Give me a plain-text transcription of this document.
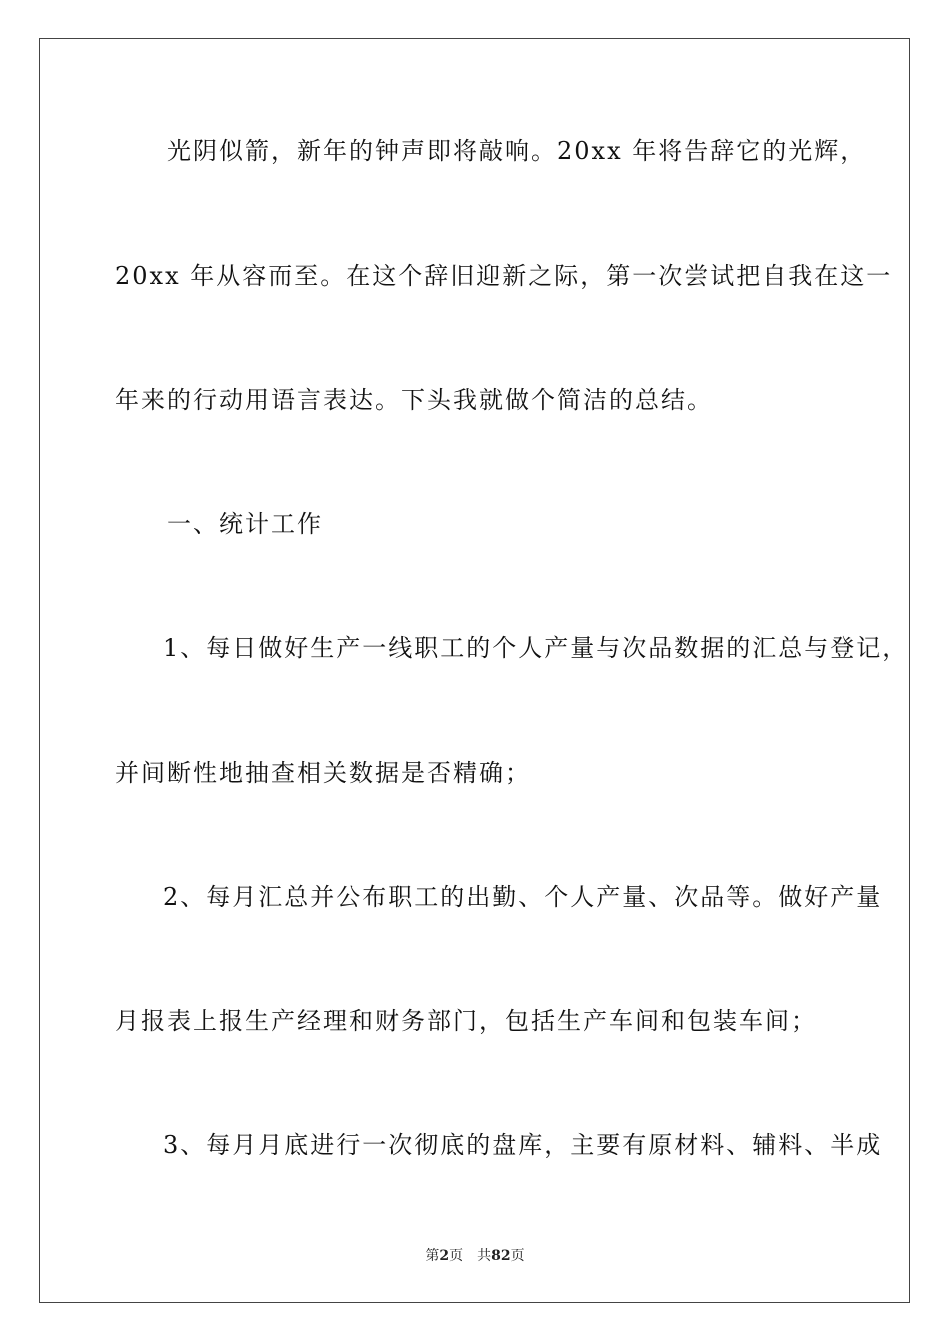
光阴似箭，新年的钟声即将敲响。20xx 年将告辞它的光辉，
20xx 年从容而至。在这个辞旧迎新之际，第一次尝试把自我在这一
年来的行动用语言表达。下头我就做个简洁的总结。
一、统计工作
1、每日做好生产一线职工的个人产量与次品数据的汇总与登记，
并间断性地抽查相关数据是否精确；
2、每月汇总并公布职工的出勤、个人产量、次品等。做好产量
月报表上报生产经理和财务部门，包括生产车间和包装车间；
3、每月月底进行一次彻底的盘库，主要有原材料、辅料、半成
第2页 共82页
